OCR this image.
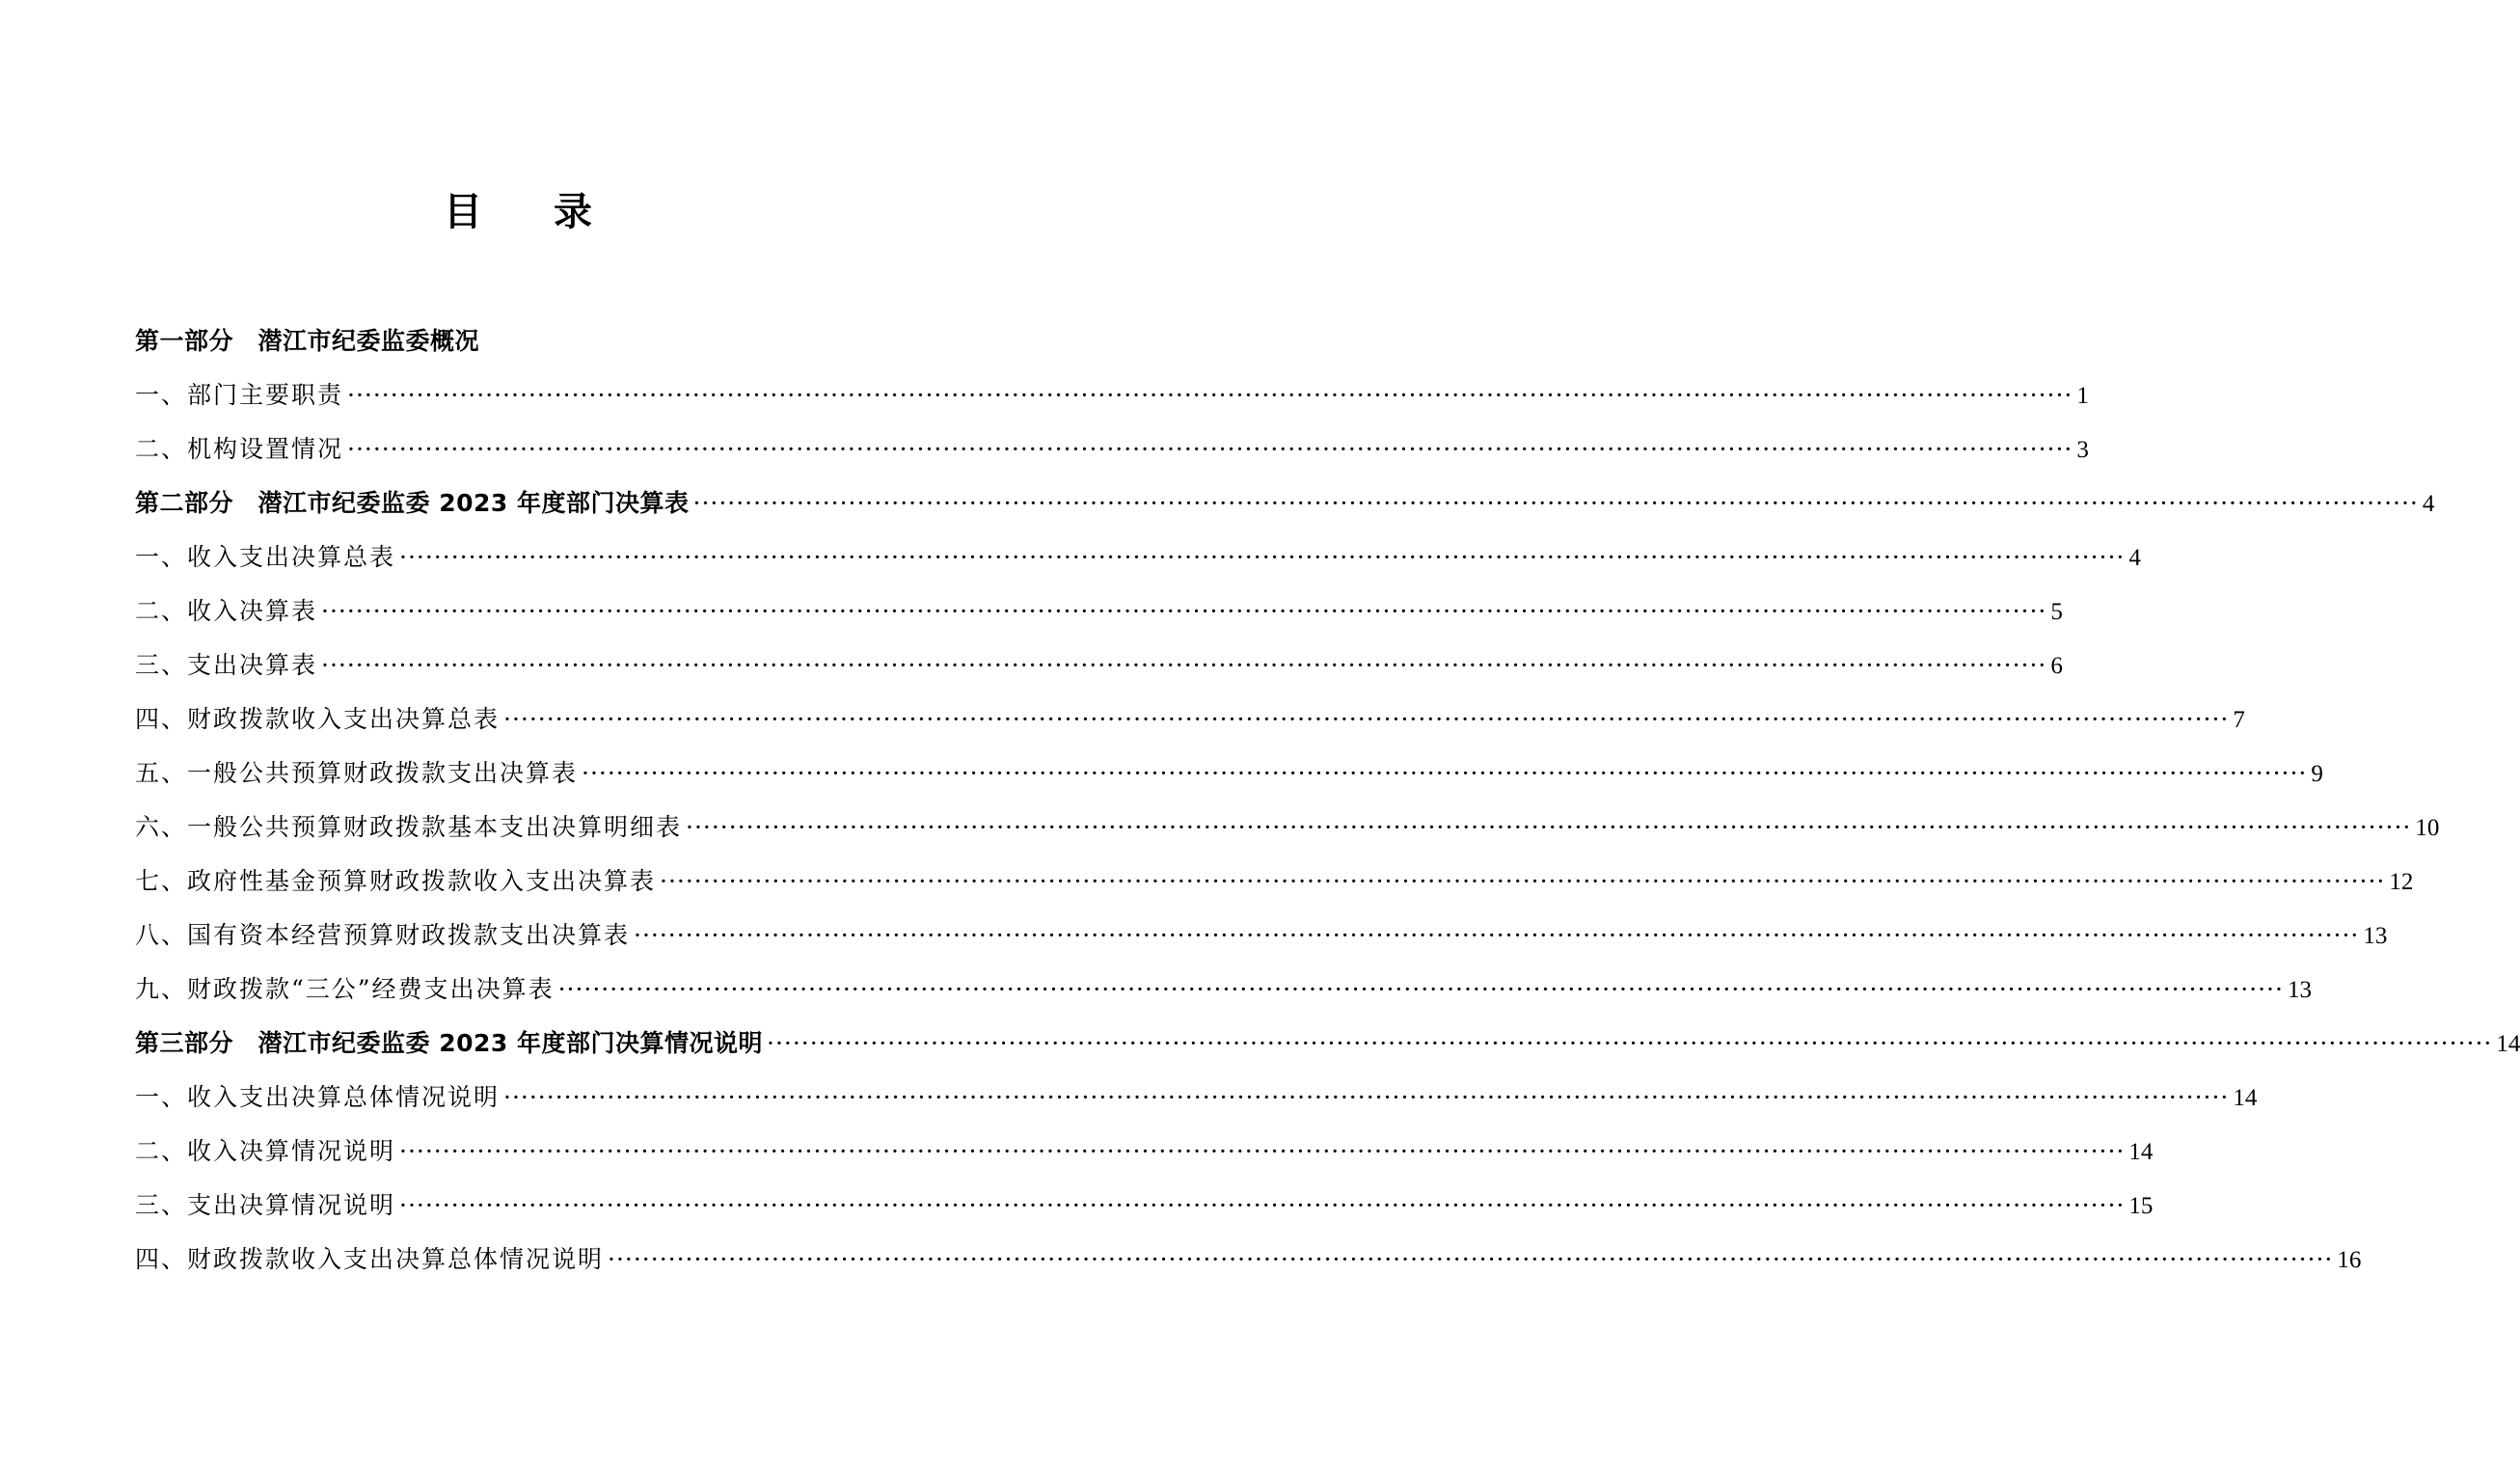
目录
第一部分　潜江市纪委监委概况
一、部门主要职责 ········································································································································································································ 1
二、机构设置情况 ········································································································································································································ 3
第二部分　潜江市纪委监委 2023 年度部门决算表 ········································································································································································································ 4
一、收入支出决算总表 ········································································································································································································ 4
二、收入决算表 ········································································································································································································ 5
三、支出决算表 ········································································································································································································ 6
四、财政拨款收入支出决算总表 ········································································································································································································ 7
五、一般公共预算财政拨款支出决算表 ········································································································································································································ 9
六、一般公共预算财政拨款基本支出决算明细表 ········································································································································································································ 10
七、政府性基金预算财政拨款收入支出决算表 ········································································································································································································ 12
八、国有资本经营预算财政拨款支出决算表 ········································································································································································································ 13
九、财政拨款“三公”经费支出决算表 ········································································································································································································ 13
第三部分　潜江市纪委监委 2023 年度部门决算情况说明 ········································································································································································································ 14
一、收入支出决算总体情况说明 ········································································································································································································ 14
二、收入决算情况说明 ········································································································································································································ 14
三、支出决算情况说明 ········································································································································································································ 15
四、财政拨款收入支出决算总体情况说明 ········································································································································································································ 16
